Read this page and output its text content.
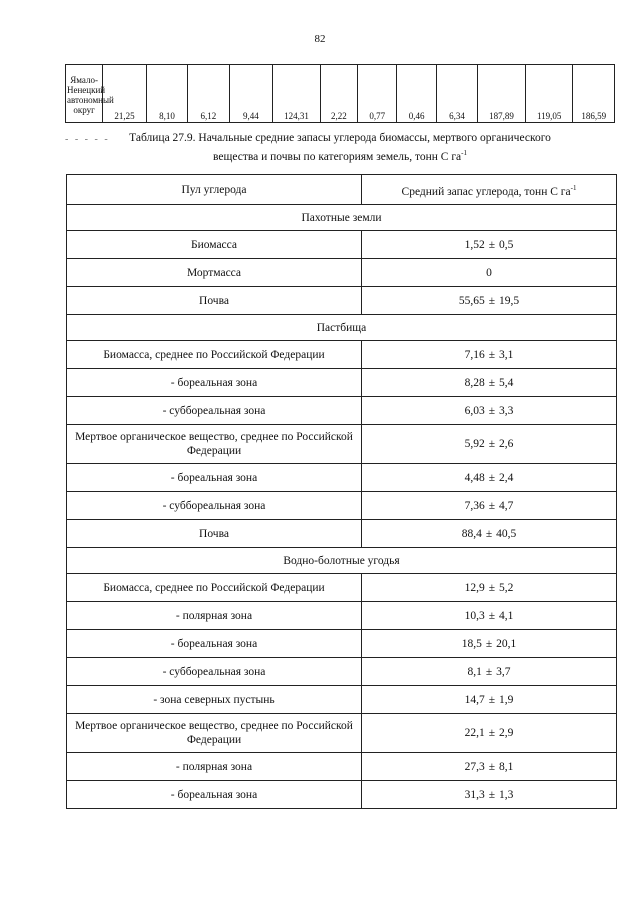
82
Ямало-Ненецкий автономный округ	21,25	8,10	6,12	9,44	124,31	2,22	0,77	0,46	6,34	187,89	119,05	186,59
- - - - -	Таблица 27.9. Начальные средние запасы углерода биомассы, мертвого органического
вещества и почвы по категориям земель, тонн С $га^{-1}$
Пул углерода	Средний запас углерода, тонн С $га^{-1}$
Пахотные земли	
Биомасса	1,52 ± 0,5
Мортмасса	0
Почва	55,65 ± 19,5
Пастбища	
Биомасса, среднее по Российской Федерации	7,16 ± 3,1
- бореальная зона	8,28 ± 5,4
- суббореальная зона	6,03 ± 3,3
Мертвое органическое вещество, среднее по Российской Федерации	5,92 ± 2,6
- бореальная зона	4,48 ± 2,4
- суббореальная зона	7,36 ± 4,7
Почва	88,4 ± 40,5
Водно-болотные угодья	
Биомасса, среднее по Российской Федерации	12,9 ± 5,2
- полярная зона	10,3 ± 4,1
- бореальная зона	18,5 ± 20,1
- суббореальная зона	8,1 ± 3,7
- зона северных пустынь	14,7 ± 1,9
Мертвое органическое вещество, среднее по Российской Федерации	22,1 ± 2,9
- полярная зона	27,3 ± 8,1
- бореальная зона	31,3 ± 1,3
